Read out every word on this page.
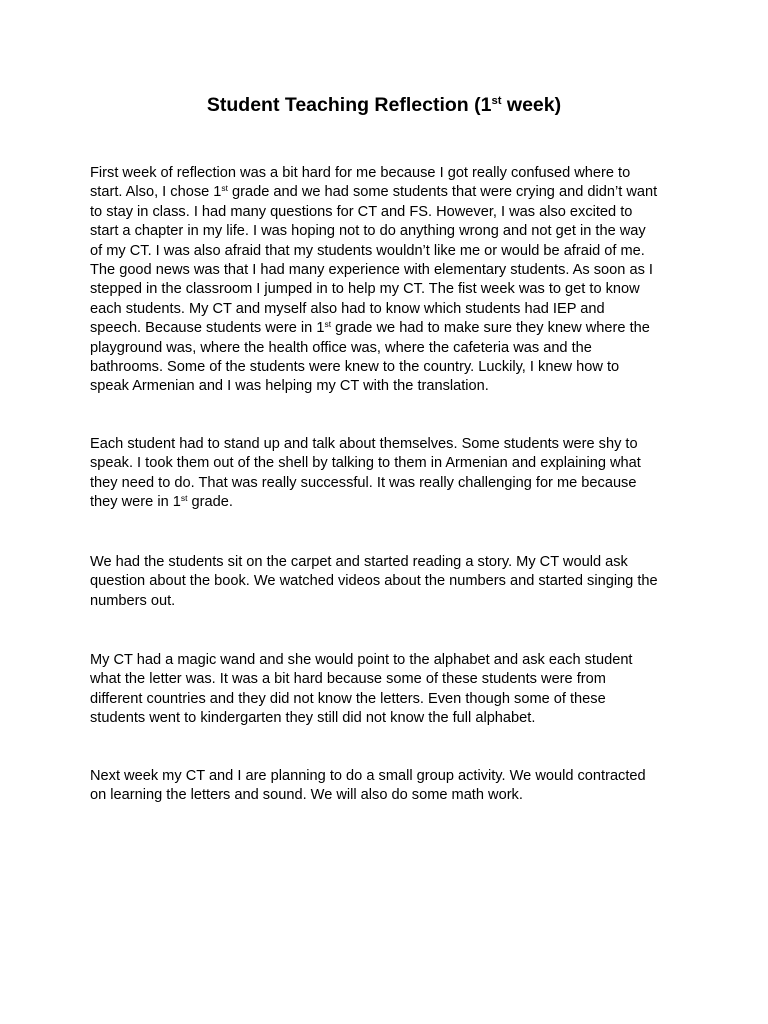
Student Teaching Reflection (1st week)

First week of reflection was a bit hard for me because I got really confused where to
start. Also, I chose 1st grade and we had some students that were crying and didn’t want
to stay in class. I had many questions for CT and FS. However, I was also excited to
start a chapter in my life. I was hoping not to do anything wrong and not get in the way
of my CT. I was also afraid that my students wouldn’t like me or would be afraid of me.
The good news was that I had many experience with elementary students. As soon as I
stepped in the classroom I jumped in to help my CT. The fist week was to get to know
each students. My CT and myself also had to know which students had IEP and
speech. Because students were in 1st grade we had to make sure they knew where the
playground was, where the health office was, where the cafeteria was and the
bathrooms. Some of the students were knew to the country. Luckily, I knew how to
speak Armenian and I was helping my CT with the translation.

Each student had to stand up and talk about themselves. Some students were shy to
speak. I took them out of the shell by talking to them in Armenian and explaining what
they need to do. That was really successful. It was really challenging for me because
they were in 1st grade.

We had the students sit on the carpet and started reading a story. My CT would ask
question about the book. We watched videos about the numbers and started singing the
numbers out.

My CT had a magic wand and she would point to the alphabet and ask each student
what the letter was. It was a bit hard because some of these students were from
different countries and they did not know the letters. Even though some of these
students went to kindergarten they still did not know the full alphabet.

Next week my CT and I are planning to do a small group activity. We would contracted
on learning the letters and sound. We will also do some math work.
